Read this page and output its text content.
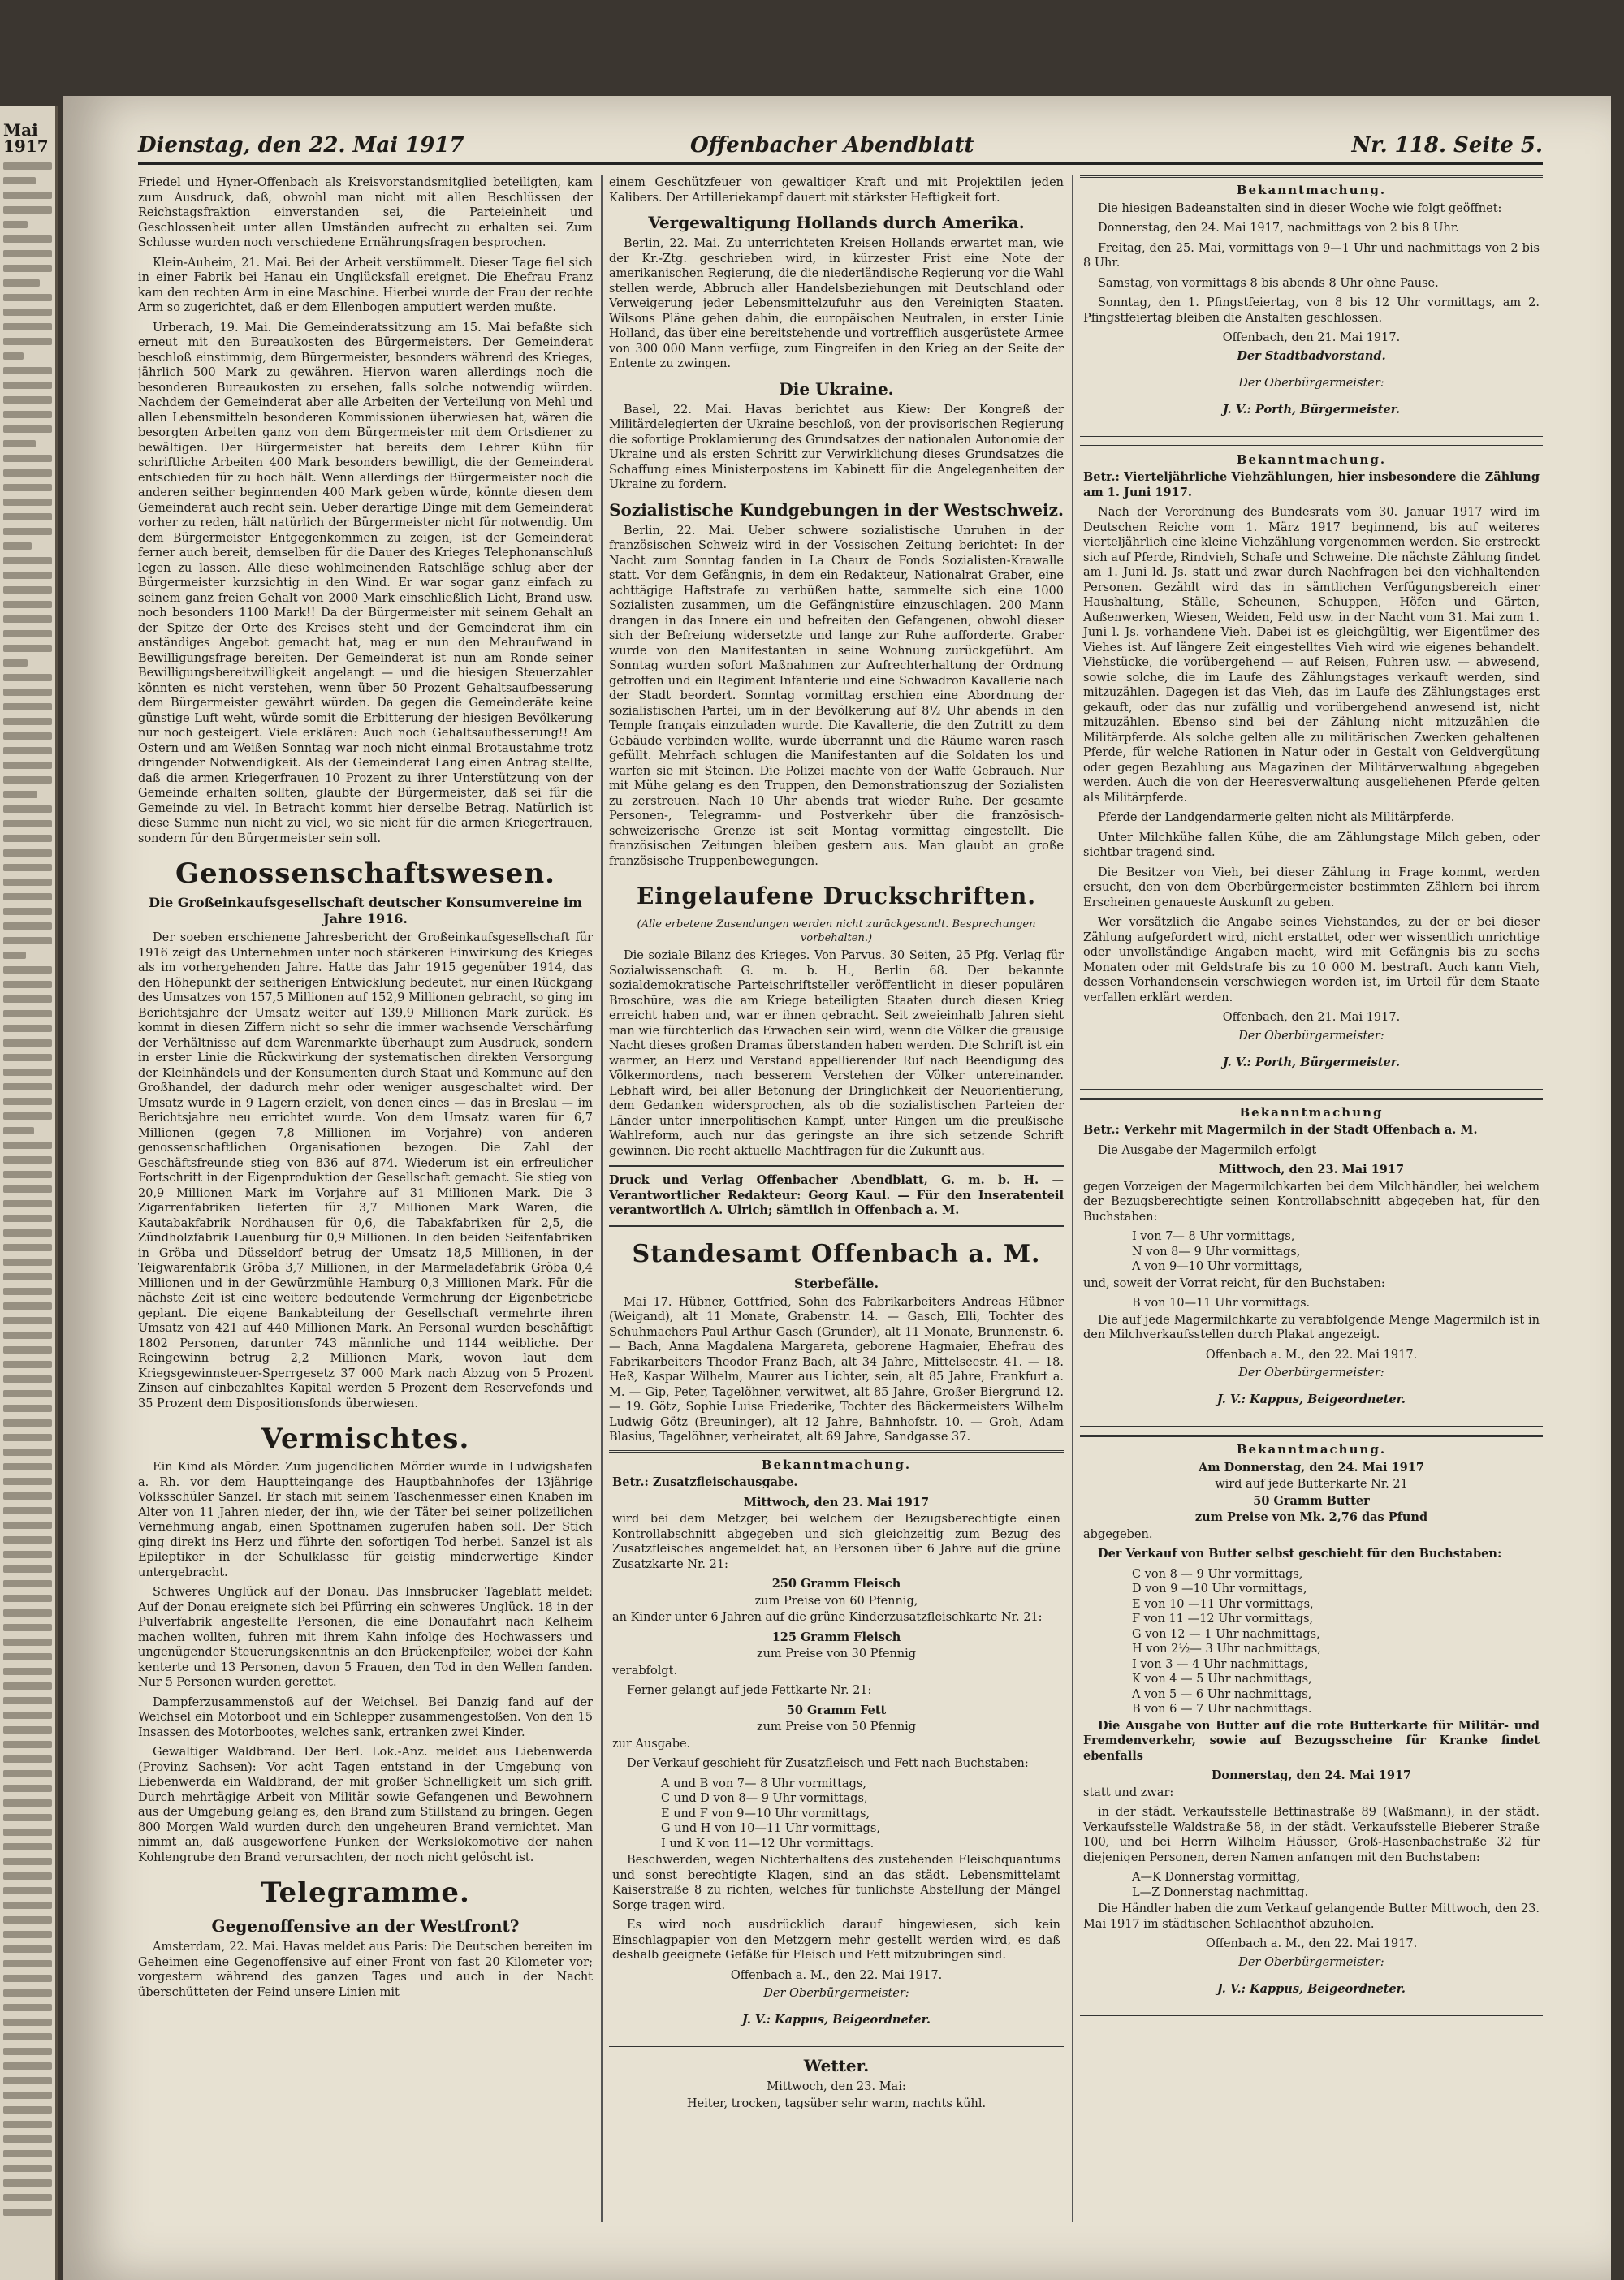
Mai 1917	Dienstag, den 22. Mai 1917	Offenbacher Abendblatt	Nr. 118. Seite 5.

Friedel und Hyner-Offenbach als Kreisvorstandsmitglied beteiligten, kam zum Ausdruck, daß, obwohl man nicht mit allen Beschlüssen der Reichstagsfraktion einverstanden sei, die Parteieinheit und Geschlossenheit unter allen Umständen aufrecht zu erhalten sei. Zum Schlusse wurden noch verschiedene Ernährungsfragen besprochen.

Klein-Auheim, 21. Mai. Bei der Arbeit verstümmelt. Dieser Tage fiel sich in einer Fabrik bei Hanau ein Unglücksfall ereignet. Die Ehefrau Franz kam den rechten Arm in eine Maschine. Hierbei wurde der Frau der rechte Arm so zugerichtet, daß er dem Ellenbogen amputiert werden mußte.

Urberach, 19. Mai. Die Gemeinderatssitzung am 15. Mai befaßte sich erneut mit den Bureaukosten des Bürgermeisters. Der Gemeinderat beschloß einstimmig, dem Bürgermeister, besonders während des Krieges, jährlich 500 Mark zu gewähren. Hiervon waren allerdings noch die besonderen Bureaukosten zu ersehen, falls solche notwendig würden. Nachdem der Gemeinderat aber alle Arbeiten der Verteilung von Mehl und allen Lebensmitteln besonderen Kommissionen überwiesen hat, wären die besorgten Arbeiten ganz von dem Bürgermeister mit dem Ortsdiener zu bewältigen. Der Bürgermeister hat bereits dem Lehrer Kühn für schriftliche Arbeiten 400 Mark besonders bewilligt, die der Gemeinderat entschieden für zu hoch hält. Wenn allerdings der Bürgermeister noch die anderen seither beginnenden 400 Mark geben würde, könnte diesen dem Gemeinderat auch recht sein. Ueber derartige Dinge mit dem Gemeinderat vorher zu reden, hält natürlich der Bürgermeister nicht für notwendig. Um dem Bürgermeister Entgegenkommen zu zeigen, ist der Gemeinderat ferner auch bereit, demselben für die Dauer des Krieges Telephonanschluß legen zu lassen. Alle diese wohlmeinenden Ratschläge schlug aber der Bürgermeister kurzsichtig in den Wind. Er war sogar ganz einfach zu seinem ganz freien Gehalt von 2000 Mark einschließlich Licht, Brand usw. noch besonders 1100 Mark!! Da der Bürgermeister mit seinem Gehalt an der Spitze der Orte des Kreises steht und der Gemeinderat ihm ein anständiges Angebot gemacht hat, mag er nun den Mehraufwand in Bewilligungsfrage bereiten. Der Gemeinderat ist nun am Ronde seiner Bewilligungsbereitwilligkeit angelangt — und die hiesigen Steuerzahler könnten es nicht verstehen, wenn über 50 Prozent Gehaltsaufbesserung dem Bürgermeister gewährt würden. Da gegen die Gemeinderäte keine günstige Luft weht, würde somit die Erbitterung der hiesigen Bevölkerung nur noch gesteigert. Viele erklären: Auch noch Gehaltsaufbesserung!! Am Ostern und am Weißen Sonntag war noch nicht einmal Brotaustahme trotz dringender Notwendigkeit. Als der Gemeinderat Lang einen Antrag stellte, daß die armen Kriegerfrauen 10 Prozent zu ihrer Unterstützung von der Gemeinde erhalten sollten, glaubte der Bürgermeister, daß sei für die Gemeinde zu viel. In Betracht kommt hier derselbe Betrag. Natürlich ist diese Summe nun nicht zu viel, wo sie nicht für die armen Kriegerfrauen, sondern für den Bürgermeister sein soll.

Genossenschaftswesen.
Die Großeinkaufsgesellschaft deutscher Konsumvereine im Jahre 1916.

Der soeben erschienene Jahresbericht der Großeinkaufsgesellschaft für 1916 zeigt das Unternehmen unter noch stärkeren Einwirkung des Krieges als im vorhergehenden Jahre. Hatte das Jahr 1915 gegenüber 1914, das den Höhepunkt der seitherigen Entwicklung bedeutet, nur einen Rückgang des Umsatzes von 157,5 Millionen auf 152,9 Millionen gebracht, so ging im Berichtsjahre der Umsatz weiter auf 139,9 Millionen Mark zurück. Es kommt in diesen Ziffern nicht so sehr die immer wachsende Verschärfung der Verhältnisse auf dem Warenmarkte überhaupt zum Ausdruck, sondern in erster Linie die Rückwirkung der systematischen direkten Versorgung der Kleinhändels und der Konsumenten durch Staat und Kommune auf den Großhandel, der dadurch mehr oder weniger ausgeschaltet wird. Der Umsatz wurde in 9 Lagern erzielt, von denen eines — das in Breslau — im Berichtsjahre neu errichtet wurde. Von dem Umsatz waren für 6,7 Millionen (gegen 7,8 Millionen im Vorjahre) von anderen genossenschaftlichen Organisationen bezogen. Die Zahl der Geschäftsfreunde stieg von 836 auf 874. Wiederum ist ein erfreulicher Fortschritt in der Eigenproduktion der Gesellschaft gemacht. Sie stieg von 20,9 Millionen Mark im Vorjahre auf 31 Millionen Mark. Die 3 Zigarrenfabriken lieferten für 3,7 Millionen Mark Waren, die Kautabakfabrik Nordhausen für 0,6, die Tabakfabriken für 2,5, die Zündholzfabrik Lauenburg für 0,9 Millionen. In den beiden Seifenfabriken in Gröba und Düsseldorf betrug der Umsatz 18,5 Millionen, in der Teigwarenfabrik Gröba 3,7 Millionen, in der Marmeladefabrik Gröba 0,4 Millionen und in der Gewürzmühle Hamburg 0,3 Millionen Mark. Für die nächste Zeit ist eine weitere bedeutende Vermehrung der Eigenbetriebe geplant. Die eigene Bankabteilung der Gesellschaft vermehrte ihren Umsatz von 421 auf 440 Millionen Mark. An Personal wurden beschäftigt 1802 Personen, darunter 743 männliche und 1144 weibliche. Der Reingewinn betrug 2,2 Millionen Mark, wovon laut dem Kriegsgewinnsteuer-Sperrgesetz 37 000 Mark nach Abzug von 5 Prozent Zinsen auf einbezahltes Kapital werden 5 Prozent dem Reservefonds und 35 Prozent dem Dispositionsfonds überwiesen.

Vermischtes.

Ein Kind als Mörder. Zum jugendlichen Mörder wurde in Ludwigshafen a. Rh. vor dem Hauptteingange des Hauptbahnhofes der 13jährige Volksschüler Sanzel. Er stach mit seinem Taschenmesser einen Knaben im Alter von 11 Jahren nieder, der ihn, wie der Täter bei seiner polizeilichen Vernehmung angab, einen Spottnamen zugerufen haben soll. Der Stich ging direkt ins Herz und führte den sofortigen Tod herbei. Sanzel ist als Epileptiker in der Schulklasse für geistig minderwertige Kinder untergebracht.

Schweres Unglück auf der Donau. Das Innsbrucker Tageblatt meldet: Auf der Donau ereignete sich bei Pfürring ein schweres Unglück. 18 in der Pulverfabrik angestellte Personen, die eine Donaufahrt nach Kelheim machen wollten, fuhren mit ihrem Kahn infolge des Hochwassers und ungenügender Steuerungskenntnis an den Brückenpfeiler, wobei der Kahn kenterte und 13 Personen, davon 5 Frauen, den Tod in den Wellen fanden. Nur 5 Personen wurden gerettet.

Dampferzusammenstoß auf der Weichsel. Bei Danzig fand auf der Weichsel ein Motorboot und ein Schlepper zusammengestoßen. Von den 15 Insassen des Motorbootes, welches sank, ertranken zwei Kinder.

Gewaltiger Waldbrand. Der Berl. Lok.-Anz. meldet aus Liebenwerda (Provinz Sachsen): Vor acht Tagen entstand in der Umgebung von Liebenwerda ein Waldbrand, der mit großer Schnelligkeit um sich griff. Durch mehrtägige Arbeit von Militär sowie Gefangenen und Bewohnern aus der Umgebung gelang es, den Brand zum Stillstand zu bringen. Gegen 800 Morgen Wald wurden durch den ungeheuren Brand vernichtet. Man nimmt an, daß ausgeworfene Funken der Werkslokomotive der nahen Kohlengrube den Brand verursachten, der noch nicht gelöscht ist.

Telegramme.
Gegenoffensive an der Westfront?

Amsterdam, 22. Mai. Havas meldet aus Paris: Die Deutschen bereiten im Geheimen eine Gegenoffensive auf einer Front von fast 20 Kilometer vor; vorgestern während des ganzen Tages und auch in der Nacht überschütteten der Feind unsere Linien mit

einem Geschützfeuer von gewaltiger Kraft und mit Projektilen jeden Kalibers. Der Artilleriekampf dauert mit stärkster Heftigkeit fort.

Vergewaltigung Hollands durch Amerika.

Berlin, 22. Mai. Zu unterrichteten Kreisen Hollands erwartet man, wie der Kr.-Ztg. geschrieben wird, in kürzester Frist eine Note der amerikanischen Regierung, die die niederländische Regierung vor die Wahl stellen werde, Abbruch aller Handelsbeziehungen mit Deutschland oder Verweigerung jeder Lebensmittelzufuhr aus den Vereinigten Staaten. Wilsons Pläne gehen dahin, die europäischen Neutralen, in erster Linie Holland, das über eine bereitstehende und vortrefflich ausgerüstete Armee von 300 000 Mann verfüge, zum Eingreifen in den Krieg an der Seite der Entente zu zwingen.

Die Ukraine.

Basel, 22. Mai. Havas berichtet aus Kiew: Der Kongreß der Militärdelegierten der Ukraine beschloß, von der provisorischen Regierung die sofortige Proklamierung des Grundsatzes der nationalen Autonomie der Ukraine und als ersten Schritt zur Verwirklichung dieses Grundsatzes die Schaffung eines Ministerpostens im Kabinett für die Angelegenheiten der Ukraine zu fordern.

Sozialistische Kundgebungen in der Westschweiz.

Berlin, 22. Mai. Ueber schwere sozialistische Unruhen in der französischen Schweiz wird in der Vossischen Zeitung berichtet: In der Nacht zum Sonntag fanden in La Chaux de Fonds Sozialisten-Krawalle statt. Vor dem Gefängnis, in dem ein Redakteur, Nationalrat Graber, eine achttägige Haftstrafe zu verbüßen hatte, sammelte sich eine 1000 Sozialisten zusammen, um die Gefängnistüre einzuschlagen. 200 Mann drangen in das Innere ein und befreiten den Gefangenen, obwohl dieser sich der Befreiung widersetzte und lange zur Ruhe aufforderte. Graber wurde von den Manifestanten in seine Wohnung zurückgeführt. Am Sonntag wurden sofort Maßnahmen zur Aufrechterhaltung der Ordnung getroffen und ein Regiment Infanterie und eine Schwadron Kavallerie nach der Stadt beordert. Sonntag vormittag erschien eine Abordnung der sozialistischen Partei, um in der Bevölkerung auf 8½ Uhr abends in den Temple français einzuladen wurde. Die Kavallerie, die den Zutritt zu dem Gebäude verbinden wollte, wurde überrannt und die Räume waren rasch gefüllt. Mehrfach schlugen die Manifestanten auf die Soldaten los und warfen sie mit Steinen. Die Polizei machte von der Waffe Gebrauch. Nur mit Mühe gelang es den Truppen, den Demonstrationszug der Sozialisten zu zerstreuen. Nach 10 Uhr abends trat wieder Ruhe. Der gesamte Personen-, Telegramm- und Postverkehr über die französisch-schweizerische Grenze ist seit Montag vormittag eingestellt. Die französischen Zeitungen bleiben gestern aus. Man glaubt an große französische Truppenbewegungen.

Eingelaufene Druckschriften.
(Alle erbetene Zusendungen werden nicht zurückgesandt. Besprechungen vorbehalten.)

Die soziale Bilanz des Krieges. Von Parvus. 30 Seiten, 25 Pfg. Verlag für Sozialwissenschaft G. m. b. H., Berlin 68. Der bekannte sozialdemokratische Parteischriftsteller veröffentlicht in dieser populären Broschüre, was die am Kriege beteiligten Staaten durch diesen Krieg erreicht haben und, war er ihnen gebracht. Seit zweieinhalb Jahren sieht man wie fürchterlich das Erwachen sein wird, wenn die Völker die grausige Nacht dieses großen Dramas überstanden haben werden. Die Schrift ist ein warmer, an Herz und Verstand appellierender Ruf nach Beendigung des Völkermordens, nach besserem Verstehen der Völker untereinander. Lebhaft wird, bei aller Betonung der Dringlichkeit der Neuorientierung, dem Gedanken widersprochen, als ob die sozialistischen Parteien der Länder unter innerpolitischen Kampf, unter Ringen um die preußische Wahlreform, auch nur das geringste an ihre sich setzende Schrift gewinnen. Die recht aktuelle Machtfragen für die Zukunft aus.

Druck und Verlag Offenbacher Abendblatt, G. m. b. H. — Verantwortlicher Redakteur: Georg Kaul. — Für den Inseratenteil verantwortlich A. Ulrich; sämtlich in Offenbach a. M.

Standesamt Offenbach a. M.
Sterbefälle.

Mai 17. Hübner, Gottfried, Sohn des Fabrikarbeiters Andreas Hübner (Weigand), alt 11 Monate, Grabenstr. 14. — Gasch, Elli, Tochter des Schuhmachers Paul Arthur Gasch (Grunder), alt 11 Monate, Brunnenstr. 6. — Bach, Anna Magdalena Margareta, geborene Hagmaier, Ehefrau des Fabrikarbeiters Theodor Franz Bach, alt 34 Jahre, Mittelseestr. 41. — 18. Heß, Kaspar Wilhelm, Maurer aus Lichter, sein, alt 85 Jahre, Frankfurt a. M. — Gip, Peter, Tagelöhner, verwitwet, alt 85 Jahre, Großer Biergrund 12. — 19. Götz, Sophie Luise Friederike, Tochter des Bäckermeisters Wilhelm Ludwig Götz (Breuninger), alt 12 Jahre, Bahnhofstr. 10. — Groh, Adam Blasius, Tagelöhner, verheiratet, alt 69 Jahre, Sandgasse 37.

Bekanntmachung.

Betr.: Zusatzfleischausgabe.

Mittwoch, den 23. Mai 1917

wird bei dem Metzger, bei welchem der Bezugsberechtigte einen Kontrollabschnitt abgegeben und sich gleichzeitig zum Bezug des Zusatzfleisches angemeldet hat, an Personen über 6 Jahre auf die grüne Zusatzkarte Nr. 21:

250 Gramm Fleisch

zum Preise von 60 Pfennig,

an Kinder unter 6 Jahren auf die grüne Kinderzusatzfleischkarte Nr. 21:

125 Gramm Fleisch

zum Preise von 30 Pfennig

verabfolgt.

Ferner gelangt auf jede Fettkarte Nr. 21:

50 Gramm Fett

zum Preise von 50 Pfennig

zur Ausgabe.

Der Verkauf geschieht für Zusatzfleisch und Fett nach Buchstaben:

A und B von 7— 8 Uhr vormittags,
C und D von 8— 9 Uhr vormittags,
E und F von 9—10 Uhr vormittags,
G und H von 10—11 Uhr vormittags,
I und K von 11—12 Uhr vormittags.

Beschwerden, wegen Nichterhaltens des zustehenden Fleischquantums und sonst berechtigte Klagen, sind an das städt. Lebensmittelamt Kaiserstraße 8 zu richten, welches für tunlichste Abstellung der Mängel Sorge tragen wird.

Es wird noch ausdrücklich darauf hingewiesen, sich kein Einschlagpapier von den Metzgern mehr gestellt werden wird, es daß deshalb geeignete Gefäße für Fleisch und Fett mitzubringen sind.

Offenbach a. M., den 22. Mai 1917.

Der Oberbürgermeister:

J. V.: Kappus, Beigeordneter.

Wetter.

Mittwoch, den 23. Mai:

Heiter, trocken, tagsüber sehr warm, nachts kühl.

Bekanntmachung.

Die hiesigen Badeanstalten sind in dieser Woche wie folgt geöffnet:

Donnerstag, den 24. Mai 1917, nachmittags von 2 bis 8 Uhr.

Freitag, den 25. Mai, vormittags von 9—1 Uhr und nachmittags von 2 bis 8 Uhr.

Samstag, von vormittags 8 bis abends 8 Uhr ohne Pause.

Sonntag, den 1. Pfingstfeiertag, von 8 bis 12 Uhr vormittags, am 2. Pfingstfeiertag bleiben die Anstalten geschlossen.

Offenbach, den 21. Mai 1917.

Der Stadtbadvorstand.

Der Oberbürgermeister:

J. V.: Porth, Bürgermeister.

Bekanntmachung.

Betr.: Vierteljährliche Viehzählungen, hier insbesondere die Zählung am 1. Juni 1917.

Nach der Verordnung des Bundesrats vom 30. Januar 1917 wird im Deutschen Reiche vom 1. März 1917 beginnend, bis auf weiteres vierteljährlich eine kleine Viehzählung vorgenommen werden. Sie erstreckt sich auf Pferde, Rindvieh, Schafe und Schweine. Die nächste Zählung findet am 1. Juni ld. Js. statt und zwar durch Nachfragen bei den viehhaltenden Personen. Gezählt wird das in sämtlichen Verfügungsbereich einer Haushaltung, Ställe, Scheunen, Schuppen, Höfen und Gärten, Außenwerken, Wiesen, Weiden, Feld usw. in der Nacht vom 31. Mai zum 1. Juni l. Js. vorhandene Vieh. Dabei ist es gleichgültig, wer Eigentümer des Viehes ist. Auf längere Zeit eingestelltes Vieh wird wie eigenes behandelt. Viehstücke, die vorübergehend — auf Reisen, Fuhren usw. — abwesend, sowie solche, die im Laufe des Zählungstages verkauft werden, sind mitzuzählen. Dagegen ist das Vieh, das im Laufe des Zählungstages erst gekauft, oder das nur zufällig und vorübergehend anwesend ist, nicht mitzuzählen. Ebenso sind bei der Zählung nicht mitzuzählen die Militärpferde. Als solche gelten alle zu militärischen Zwecken gehaltenen Pferde, für welche Rationen in Natur oder in Gestalt von Geldvergütung oder gegen Bezahlung aus Magazinen der Militärverwaltung abgegeben werden. Auch die von der Heeresverwaltung ausgeliehenen Pferde gelten als Militärpferde.

Pferde der Landgendarmerie gelten nicht als Militärpferde.

Unter Milchkühe fallen Kühe, die am Zählungstage Milch geben, oder sichtbar tragend sind.

Die Besitzer von Vieh, bei dieser Zählung in Frage kommt, werden ersucht, den von dem Oberbürgermeister bestimmten Zählern bei ihrem Erscheinen genaueste Auskunft zu geben.

Wer vorsätzlich die Angabe seines Viehstandes, zu der er bei dieser Zählung aufgefordert wird, nicht erstattet, oder wer wissentlich unrichtige oder unvollständige Angaben macht, wird mit Gefängnis bis zu sechs Monaten oder mit Geldstrafe bis zu 10 000 M. bestraft. Auch kann Vieh, dessen Vorhandensein verschwiegen worden ist, im Urteil für dem Staate verfallen erklärt werden.

Offenbach, den 21. Mai 1917.

Der Oberbürgermeister:

J. V.: Porth, Bürgermeister.

Bekanntmachung

Betr.: Verkehr mit Magermilch in der Stadt Offenbach a. M.

Die Ausgabe der Magermilch erfolgt

Mittwoch, den 23. Mai 1917

gegen Vorzeigen der Magermilchkarten bei dem Milchhändler, bei welchem der Bezugsberechtigte seinen Kontrollabschnitt abgegeben hat, für den Buchstaben:

I von 7— 8 Uhr vormittags,
N von 8— 9 Uhr vormittags,
A von 9—10 Uhr vormittags,

und, soweit der Vorrat reicht, für den Buchstaben:

B von 10—11 Uhr vormittags.

Die auf jede Magermilchkarte zu verabfolgende Menge Magermilch ist in den Milchverkaufsstellen durch Plakat angezeigt.

Offenbach a. M., den 22. Mai 1917.

Der Oberbürgermeister:

J. V.: Kappus, Beigeordneter.

Bekanntmachung.

Am Donnerstag, den 24. Mai 1917

wird auf jede Butterkarte Nr. 21

50 Gramm Butter

zum Preise von Mk. 2,76 das Pfund

abgegeben.

Der Verkauf von Butter selbst geschieht für den Buchstaben:

C von 8 — 9 Uhr vormittags,
D von 9 —10 Uhr vormittags,
E von 10 —11 Uhr vormittags,
F von 11 —12 Uhr vormittags,
G von 12 — 1 Uhr nachmittags,
H von 2½— 3 Uhr nachmittags,
I von 3 — 4 Uhr nachmittags,
K von 4 — 5 Uhr nachmittags,
A von 5 — 6 Uhr nachmittags,
B von 6 — 7 Uhr nachmittags.

Die Ausgabe von Butter auf die rote Butterkarte für Militär- und Fremdenverkehr, sowie auf Bezugsscheine für Kranke findet ebenfalls

Donnerstag, den 24. Mai 1917

statt und zwar:

in der städt. Verkaufsstelle Bettinastraße 89 (Waßmann), in der städt. Verkaufsstelle Waldstraße 58, in der städt. Verkaufsstelle Bieberer Straße 100, und bei Herrn Wilhelm Häusser, Groß-Hasenbachstraße 32 für diejenigen Personen, deren Namen anfangen mit den Buchstaben:

A—K Donnerstag vormittag,
L—Z Donnerstag nachmittag.

Die Händler haben die zum Verkauf gelangende Butter Mittwoch, den 23. Mai 1917 im städtischen Schlachthof abzuholen.

Offenbach a. M., den 22. Mai 1917.

Der Oberbürgermeister:

J. V.: Kappus, Beigeordneter.
